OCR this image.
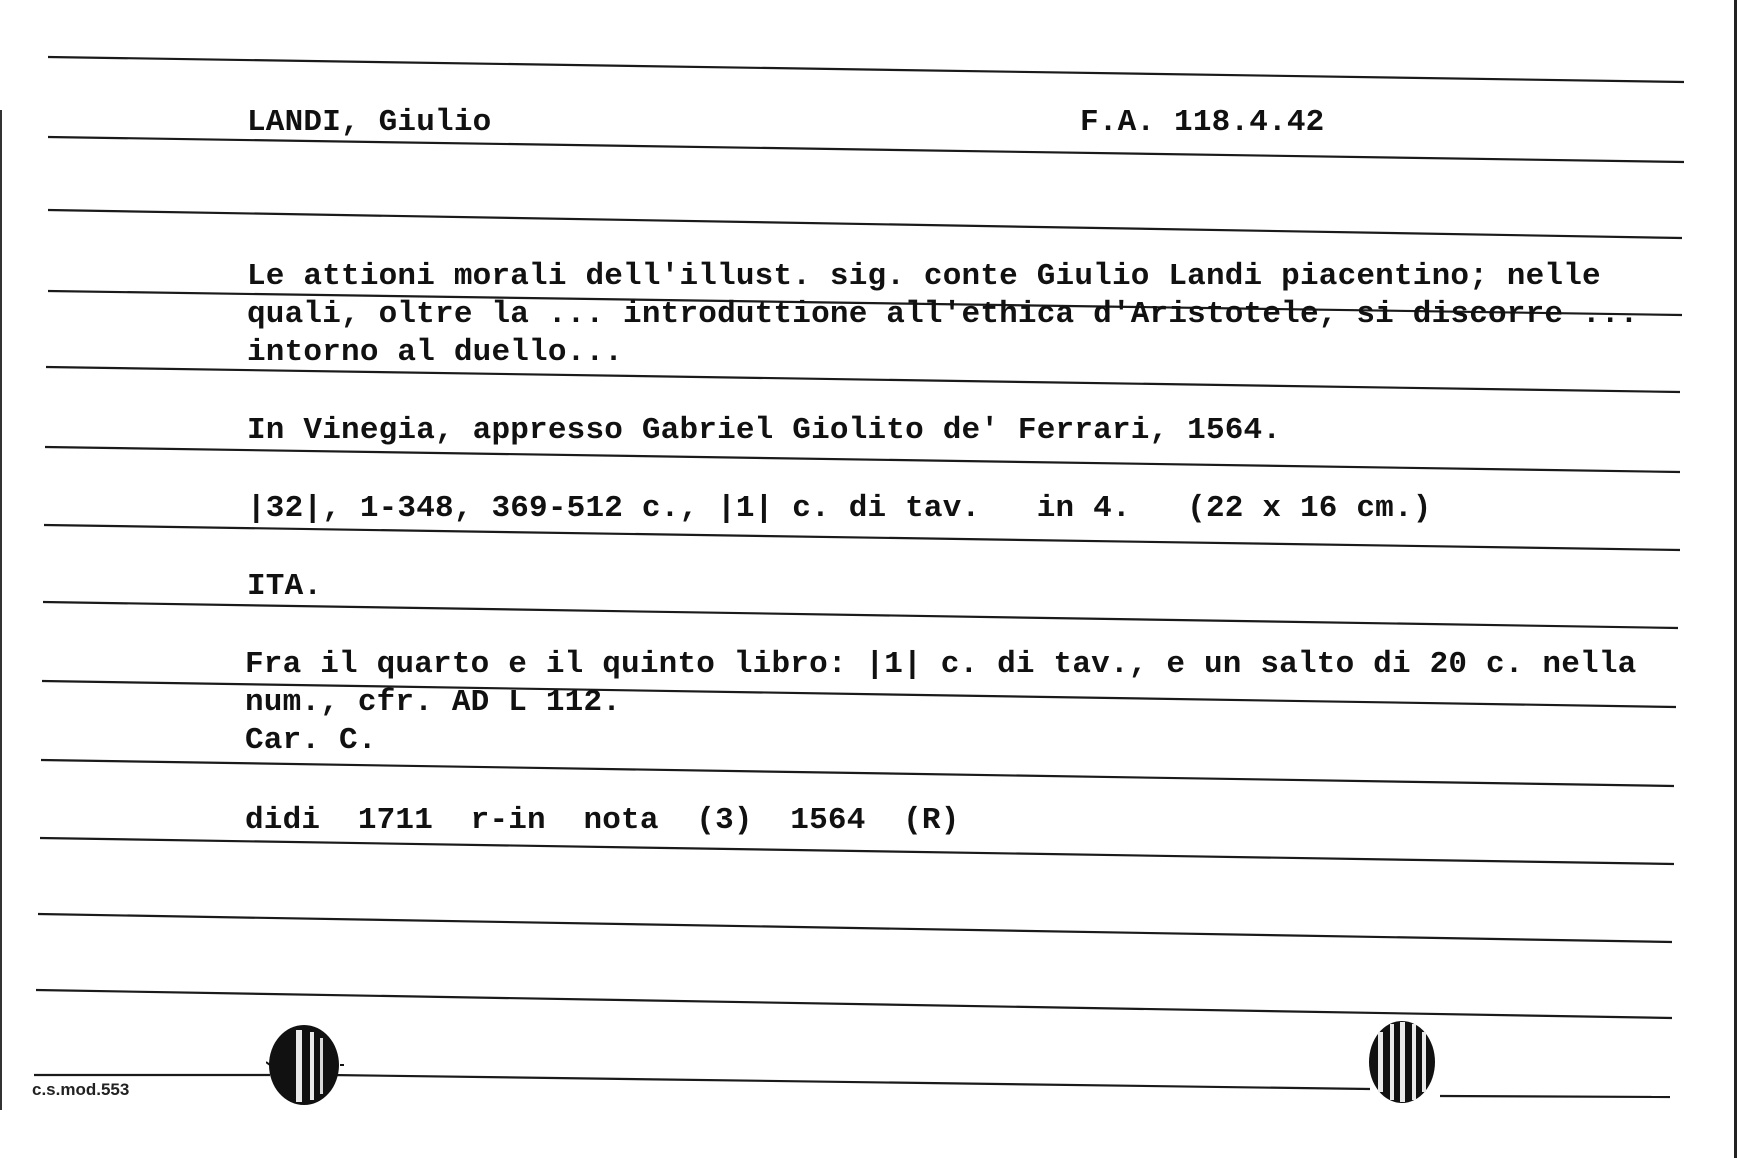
LANDI, Giulio	F.A. 118.4.42
Le attioni morali dell'illust. sig. conte Giulio Landi piacentino; nelle
quali, oltre la ... introduttione all'ethica d'Aristotele, si discorre ...
intorno al duello...
In Vinegia, appresso Gabriel Giolito de' Ferrari, 1564.
|32|, 1-348, 369-512 c., |1| c. di tav.   in 4.   (22 x 16 cm.)
ITA.
Fra il quarto e il quinto libro: |1| c. di tav., e un salto di 20 c. nella
num., cfr. AD L 112.
Car. C.
didi  1711  r-in  nota  (3)  1564  (R)
c.s.mod.553
